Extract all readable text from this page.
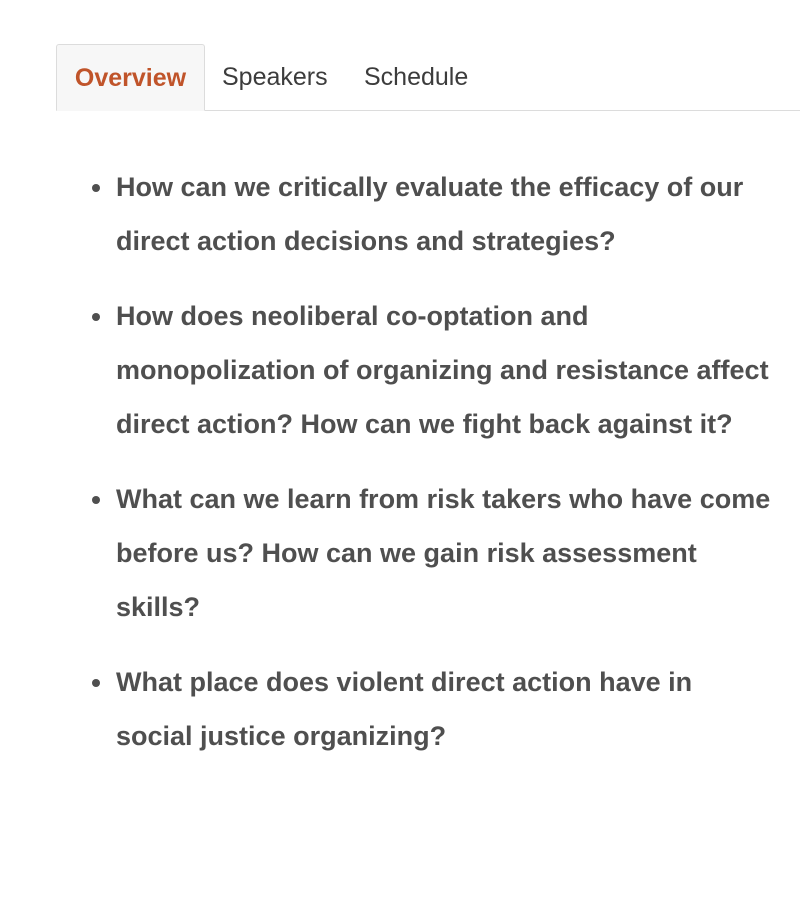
Overview	Speakers Schedule
How can we critically evaluate the efficacy of our direct action decisions and strategies?
How does neoliberal co-optation and monopolization of organizing and resistance affect direct action? How can we fight back against it?
What can we learn from risk takers who have come before us? How can we gain risk assessment skills?
What place does violent direct action have in social justice organizing?
